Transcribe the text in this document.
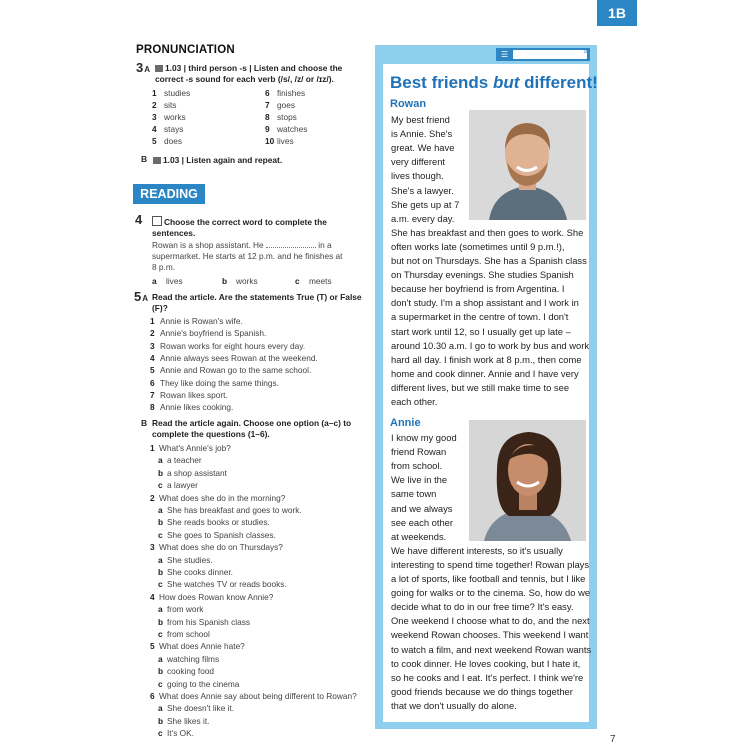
1B
PRONUNCIATION
3A	1.03 | third person -s | Listen and choose the
correct -s sound for each verb (/s/, /z/ or /ɪz/).
1 studies
2 sits
3 works
4 stays
5 does
6 finishes
7 goes
8 stops
9 watches
10 lives
B	1.03 | Listen again and repeat.
READING
4	Choose the correct word to complete the
sentences.
Rowan is a shop assistant. He	in a
supermarket. He starts at 12 p.m. and he finishes at
8 p.m.
a lives	b works	c meets
5A Read the article. Are the statements True (T) or False
(F)?
1 Annie is Rowan's wife.
2 Annie's boyfriend is Spanish.
3 Rowan works for eight hours every day.
4 Annie always sees Rowan at the weekend.
5 Annie and Rowan go to the same school.
6 They like doing the same things.
7 Rowan likes sport.
8 Annie likes cooking.
B Read the article again. Choose one option (a–c) to
complete the questions (1–6).
1 What's Annie's job?
a a teacher
b a shop assistant
c a lawyer
2 What does she do in the morning?
a She has breakfast and goes to work.
b She reads books or studies.
c She goes to Spanish classes.
3 What does she do on Thursdays?
a She studies.
b She cooks dinner.
c She watches TV or reads books.
4 How does Rowan know Annie?
a from work
b from his Spanish class
c from school
5 What does Annie hate?
a watching films
b cooking food
c going to the cinema
6 What does Annie say about being different to Rowan?
a She doesn't like it.
b She likes it.
c It's OK.
☰	⌕
Best friends but different!
Rowan
My best friend
is Annie. She's
great. We have
very different
lives though.
She's a lawyer.
She gets up at 7
a.m. every day.
She has breakfast and then goes to work. She
often works late (sometimes until 9 p.m.!),
but not on Thursdays. She has a Spanish class
on Thursday evenings. She studies Spanish
because her boyfriend is from Argentina. I
don't study. I'm a shop assistant and I work in
a supermarket in the centre of town. I don't
start work until 12, so I usually get up late –
around 10.30 a.m. I go to work by bus and work
hard all day. I finish work at 8 p.m., then come
home and cook dinner. Annie and I have very
different lives, but we still make time to see
each other.
Annie
I know my good
friend Rowan
from school.
We live in the
same town
and we always
see each other
at weekends.
We have different interests, so it's usually
interesting to spend time together! Rowan plays
a lot of sports, like football and tennis, but I like
going for walks or to the cinema. So, how do we
decide what to do in our free time? It's easy.
One weekend I choose what to do, and the next
weekend Rowan chooses. This weekend I want
to watch a film, and next weekend Rowan wants
to cook dinner. He loves cooking, but I hate it,
so he cooks and I eat. It's perfect. I think we're
good friends because we do things together
that we don't usually do alone.
7
